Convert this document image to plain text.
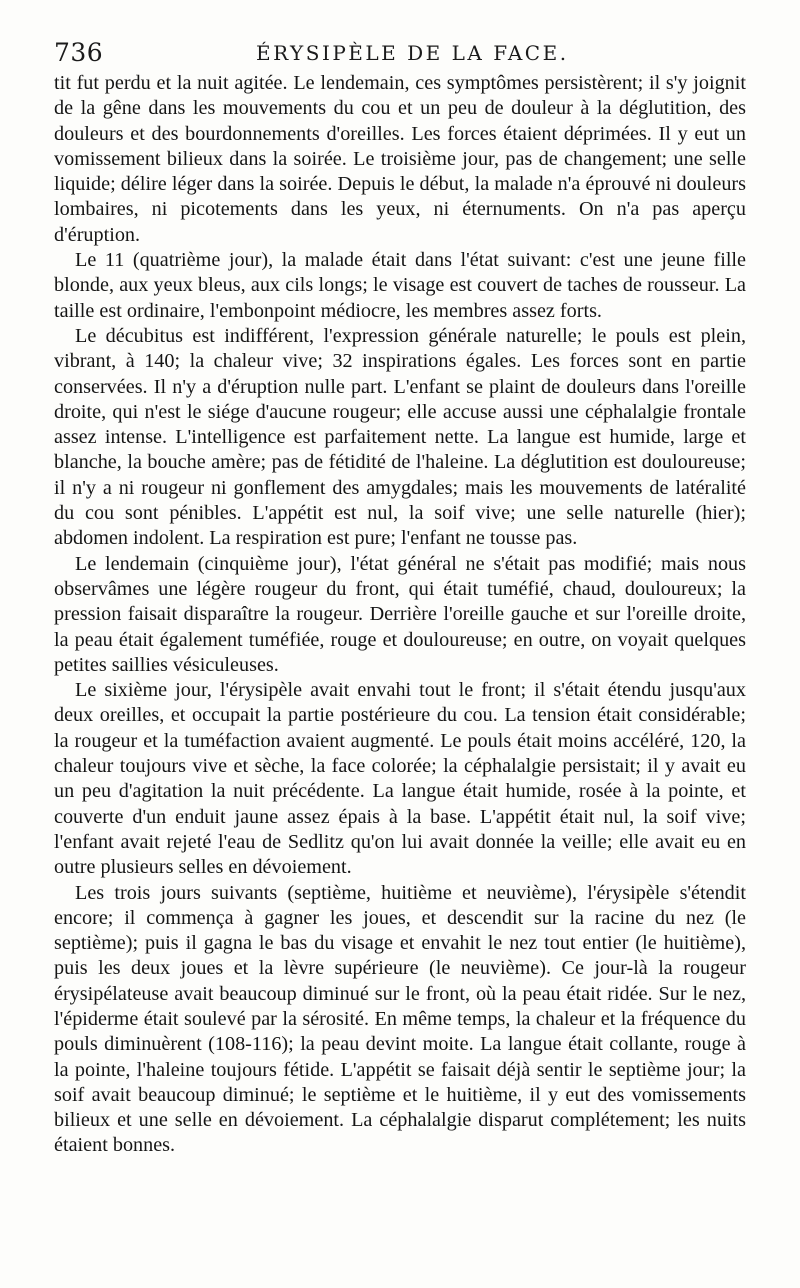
736	ÉRYSIPÈLE DE LA FACE.

tit fut perdu et la nuit agitée. Le lendemain, ces symptômes persistèrent; il s'y joignit de la gêne dans les mouvements du cou et un peu de douleur à la déglutition, des douleurs et des bourdonnements d'oreilles. Les forces étaient déprimées. Il y eut un vomissement bilieux dans la soirée. Le troisième jour, pas de changement; une selle liquide; délire léger dans la soirée. Depuis le début, la malade n'a éprouvé ni douleurs lombaires, ni picotements dans les yeux, ni éternuments. On n'a pas aperçu d'éruption.

Le 11 (quatrième jour), la malade était dans l'état suivant: c'est une jeune fille blonde, aux yeux bleus, aux cils longs; le visage est couvert de taches de rousseur. La taille est ordinaire, l'embonpoint médiocre, les membres assez forts.

Le décubitus est indifférent, l'expression générale naturelle; le pouls est plein, vibrant, à 140; la chaleur vive; 32 inspirations égales. Les forces sont en partie conservées. Il n'y a d'éruption nulle part. L'enfant se plaint de douleurs dans l'oreille droite, qui n'est le siége d'aucune rougeur; elle accuse aussi une céphalalgie frontale assez intense. L'intelligence est parfaitement nette. La langue est humide, large et blanche, la bouche amère; pas de fétidité de l'haleine. La déglutition est douloureuse; il n'y a ni rougeur ni gonflement des amygdales; mais les mouvements de latéralité du cou sont pénibles. L'appétit est nul, la soif vive; une selle naturelle (hier); abdomen indolent. La respiration est pure; l'enfant ne tousse pas.

Le lendemain (cinquième jour), l'état général ne s'était pas modifié; mais nous observâmes une légère rougeur du front, qui était tuméfié, chaud, douloureux; la pression faisait disparaître la rougeur. Derrière l'oreille gauche et sur l'oreille droite, la peau était également tuméfiée, rouge et douloureuse; en outre, on voyait quelques petites saillies vésiculeuses.

Le sixième jour, l'érysipèle avait envahi tout le front; il s'était étendu jusqu'aux deux oreilles, et occupait la partie postérieure du cou. La tension était considérable; la rougeur et la tuméfaction avaient augmenté. Le pouls était moins accéléré, 120, la chaleur toujours vive et sèche, la face colorée; la céphalalgie persistait; il y avait eu un peu d'agitation la nuit précédente. La langue était humide, rosée à la pointe, et couverte d'un enduit jaune assez épais à la base. L'appétit était nul, la soif vive; l'enfant avait rejeté l'eau de Sedlitz qu'on lui avait donnée la veille; elle avait eu en outre plusieurs selles en dévoiement.

Les trois jours suivants (septième, huitième et neuvième), l'érysipèle s'étendit encore; il commença à gagner les joues, et descendit sur la racine du nez (le septième); puis il gagna le bas du visage et envahit le nez tout entier (le huitième), puis les deux joues et la lèvre supérieure (le neuvième). Ce jour-là la rougeur érysipélateuse avait beaucoup diminué sur le front, où la peau était ridée. Sur le nez, l'épiderme était soulevé par la sérosité. En même temps, la chaleur et la fréquence du pouls diminuèrent (108-116); la peau devint moite. La langue était collante, rouge à la pointe, l'haleine toujours fétide. L'appétit se faisait déjà sentir le septième jour; la soif avait beaucoup diminué; le septième et le huitième, il y eut des vomissements bilieux et une selle en dévoiement. La céphalalgie disparut complétement; les nuits étaient bonnes.
